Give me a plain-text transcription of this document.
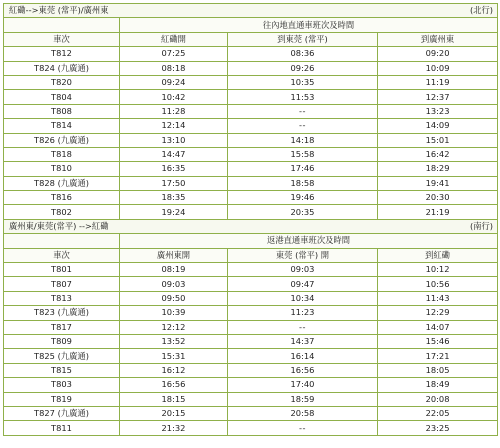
(北行)
紅磡-->東莞 (常平)/廣州東			
	往內地直通車班次及時間		
車次	紅磡開	到東莞 (常平)	到廣州東
T812	07:25	08:36	09:20
T824 (九廣通)	08:18	09:26	10:09
T820	09:24	10:35	11:19
T804	10:42	11:53	12:37
T808	11:28	--	13:23
T814	12:14	--	14:09
T826 (九廣通)	13:10	14:18	15:01
T818	14:47	15:58	16:42
T810	16:35	17:46	18:29
T828 (九廣通)	17:50	18:58	19:41
T816	18:35	19:46	20:30
T802	19:24	20:35	21:19

(南行)
廣州東/東莞(常平) -->紅磡			
	返港直通車班次及時間		
車次	廣州東開	東莞 (常平) 開	到紅磡
T801	08:19	09:03	10:12
T807	09:03	09:47	10:56
T813	09:50	10:34	11:43
T823 (九廣通)	10:39	11:23	12:29
T817	12:12	--	14:07
T809	13:52	14:37	15:46
T825 (九廣通)	15:31	16:14	17:21
T815	16:12	16:56	18:05
T803	16:56	17:40	18:49
T819	18:15	18:59	20:08
T827 (九廣通)	20:15	20:58	22:05
T811	21:32	--	23:25
